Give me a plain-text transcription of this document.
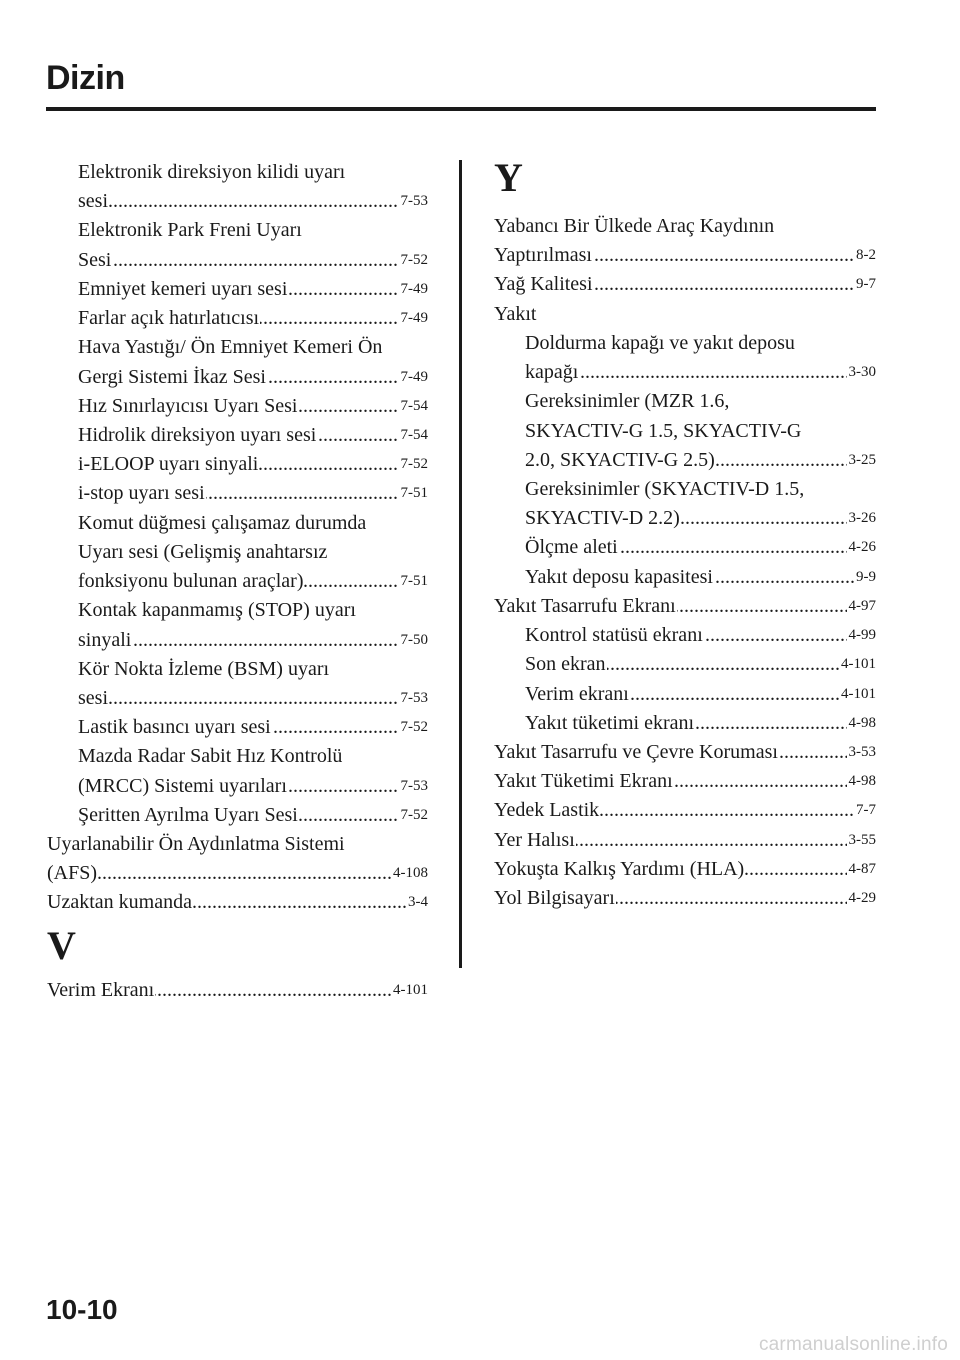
Dizin
Elektronik direksiyon kilidi uyarı
sesi	7-53
.....
Elektronik Park Freni Uyarı
Sesi	7-52
.....
Emniyet kemeri uyarı sesi	7-49
.....
Farlar açık hatırlatıcısı	7-49
.....
Hava Yastığı/ Ön Emniyet Kemeri Ön
Gergi Sistemi İkaz Sesi	7-49
.....
Hız Sınırlayıcısı Uyarı Sesi	7-54
.....
Hidrolik direksiyon uyarı sesi	7-54
.....
i-ELOOP uyarı sinyali	7-52
.....
i-stop uyarı sesi	7-51
.....
Komut düğmesi çalışamaz durumda
Uyarı sesi (Gelişmiş anahtarsız
fonksiyonu bulunan araçlar)	7-51
.....
Kontak kapanmamış (STOP) uyarı
sinyali	7-50
.....
Kör Nokta İzleme (BSM) uyarı
sesi	7-53
.....
Lastik basıncı uyarı sesi	7-52
.....
Mazda Radar Sabit Hız Kontrolü
(MRCC) Sistemi uyarıları	7-53
.....
Şeritten Ayrılma Uyarı Sesi	7-52
.....
Uyarlanabilir Ön Aydınlatma Sistemi
(AFS)	4-108
.....
Uzaktan kumanda	3-4
.....
V
Verim Ekranı	4-101
.....
Y
Yabancı Bir Ülkede Araç Kaydının
Yaptırılması	8-2
.....
Yağ Kalitesi	9-7
.....
Yakıt
Doldurma kapağı ve yakıt deposu
kapağı	3-30
.....
Gereksinimler (MZR 1.6,
SKYACTIV-G 1.5, SKYACTIV-G
2.0, SKYACTIV-G 2.5)	3-25
.....
Gereksinimler (SKYACTIV-D 1.5,
SKYACTIV-D 2.2)	3-26
.....
Ölçme aleti	4-26
.....
Yakıt deposu kapasitesi	9-9
.....
Yakıt Tasarrufu Ekranı	4-97
.....
Kontrol statüsü ekranı	4-99
.....
Son ekran	4-101
.....
Verim ekranı	4-101
.....
Yakıt tüketimi ekranı	4-98
.....
Yakıt Tasarrufu ve Çevre Koruması	3-53
.....
Yakıt Tüketimi Ekranı	4-98
.....
Yedek Lastik	7-7
.....
Yer Halısı	3-55
.....
Yokuşta Kalkış Yardımı (HLA)	4-87
.....
Yol Bilgisayarı	4-29
.....
10-10
carmanualsonline.info
